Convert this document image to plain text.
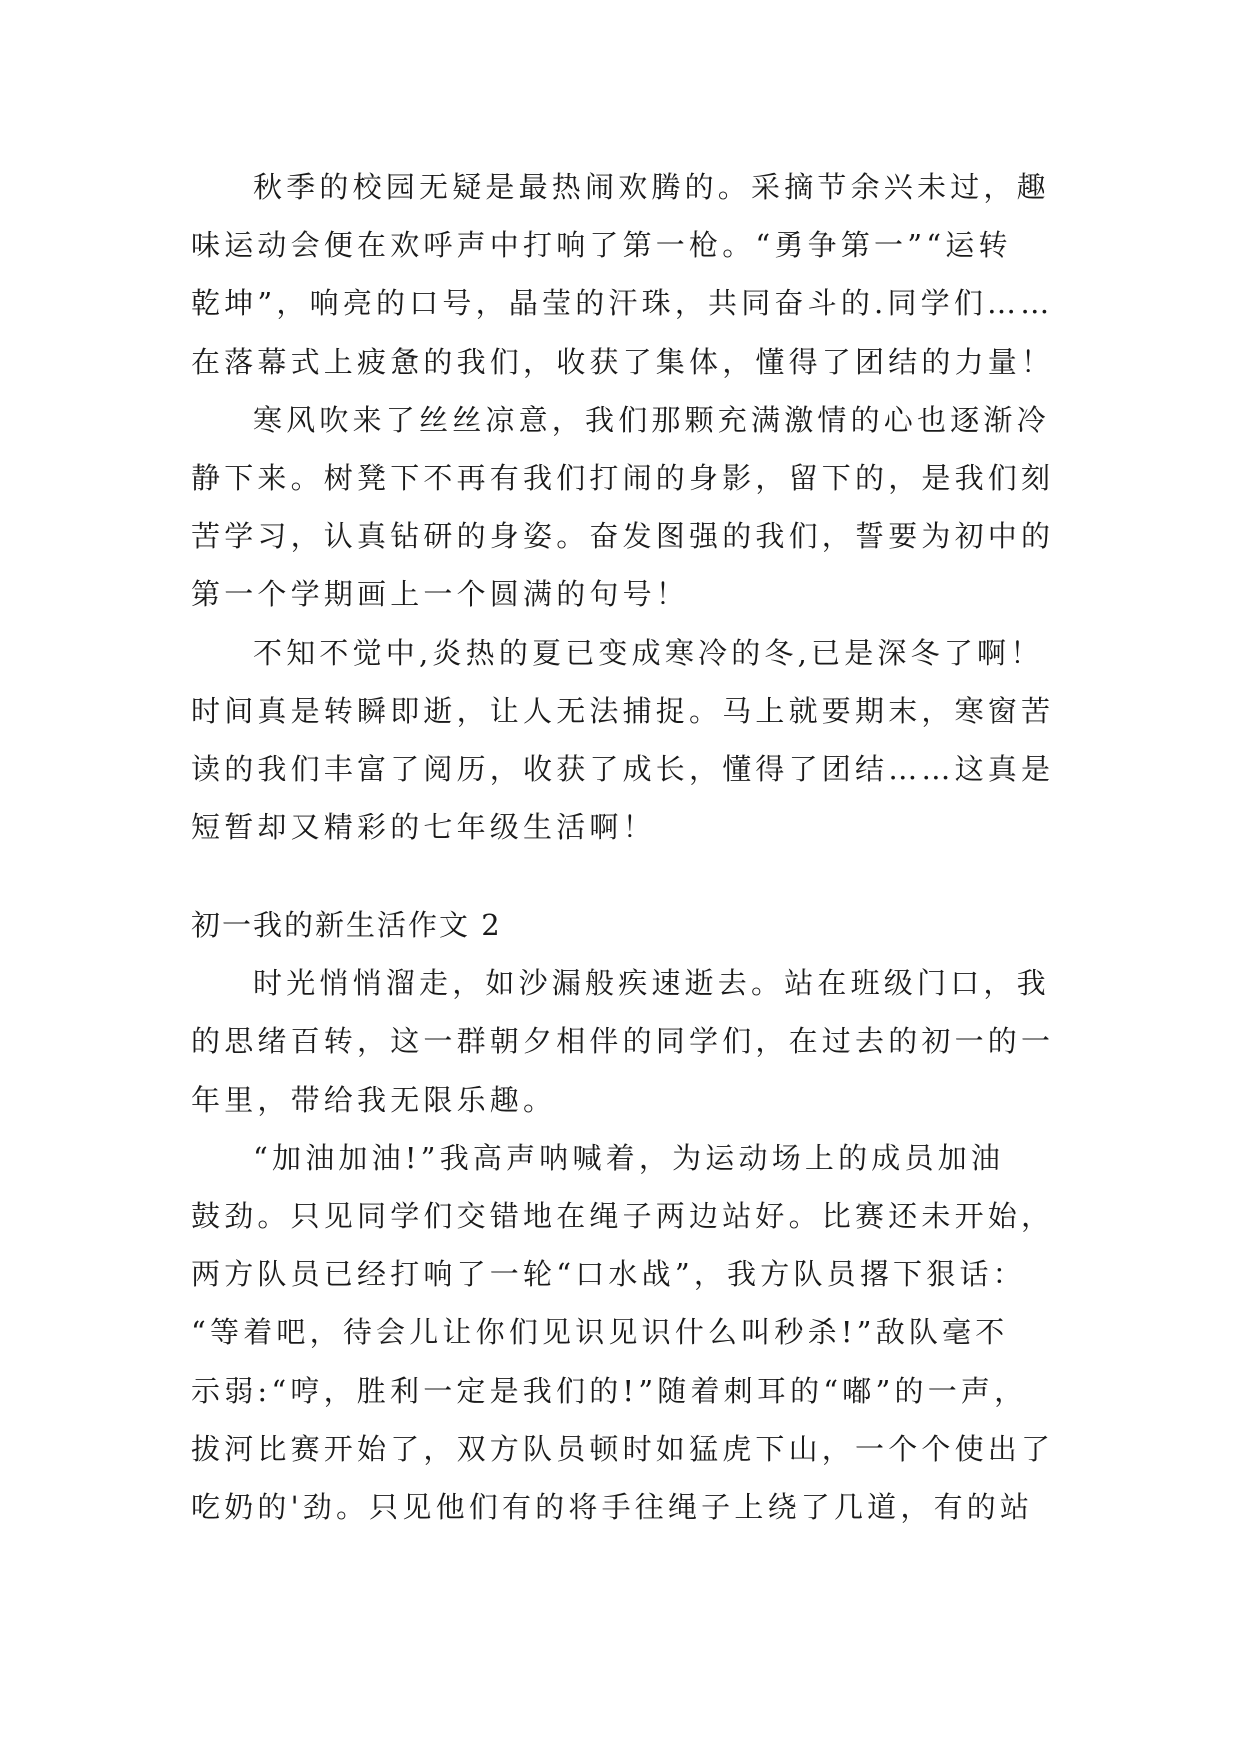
秋季的校园无疑是最热闹欢腾的。采摘节余兴未过，趣
味运动会便在欢呼声中打响了第一枪。“勇争第一”“运转
乾坤”，响亮的口号，晶莹的汗珠，共同奋斗的.同学们……
在落幕式上疲惫的我们，收获了集体，懂得了团结的力量！
寒风吹来了丝丝凉意，我们那颗充满激情的心也逐渐冷
静下来。树凳下不再有我们打闹的身影，留下的，是我们刻
苦学习，认真钻研的身姿。奋发图强的我们，誓要为初中的
第一个学期画上一个圆满的句号！
不知不觉中,炎热的夏已变成寒冷的冬,已是深冬了啊！
时间真是转瞬即逝，让人无法捕捉。马上就要期末，寒窗苦
读的我们丰富了阅历，收获了成长，懂得了团结……这真是
短暂却又精彩的七年级生活啊！
初一我的新生活作文 2
时光悄悄溜走，如沙漏般疾速逝去。站在班级门口，我
的思绪百转，这一群朝夕相伴的同学们，在过去的初一的一
年里，带给我无限乐趣。
“加油加油!”我高声呐喊着，为运动场上的成员加油
鼓劲。只见同学们交错地在绳子两边站好。比赛还未开始，
两方队员已经打响了一轮“口水战”，我方队员撂下狠话：
“等着吧，待会儿让你们见识见识什么叫秒杀!”敌队毫不
示弱:“哼，胜利一定是我们的!”随着刺耳的“嘟”的一声，
拔河比赛开始了，双方队员顿时如猛虎下山，一个个使出了
吃奶的'劲。只见他们有的将手往绳子上绕了几道，有的站
